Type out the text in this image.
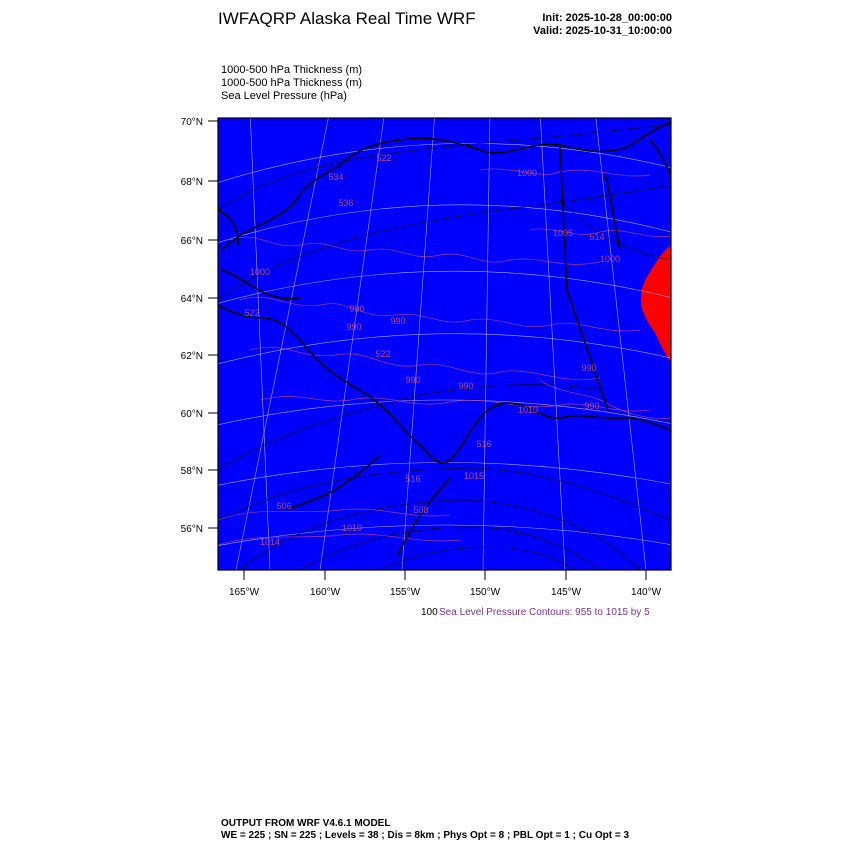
IWFAQRP Alaska Real Time WRF	Init: 2025-10-28_00:00:00
Valid: 2025-10-31_10:00:00
1000-500 hPa Thickness (m)
1000-500 hPa Thickness (m)
Sea Level Pressure (hPa)
70°N
68°N
66°N
64°N
62°N
60°N
58°N
56°N
165°W	160°W	155°W	150°W	145°W	140°W
522
1000
1005 514
1000
1000
522	990
990
990
522
990
990
990
990
1010
516
1015
516
508
506
1014
1010
536
534
100 Sea Level Pressure Contours: 955 to 1015 by 5
OUTPUT FROM WRF V4.6.1 MODEL
WE = 225 ; SN = 225 ; Levels = 38 ; Dis = 8km ; Phys Opt = 8 ; PBL Opt = 1 ; Cu Opt = 3
